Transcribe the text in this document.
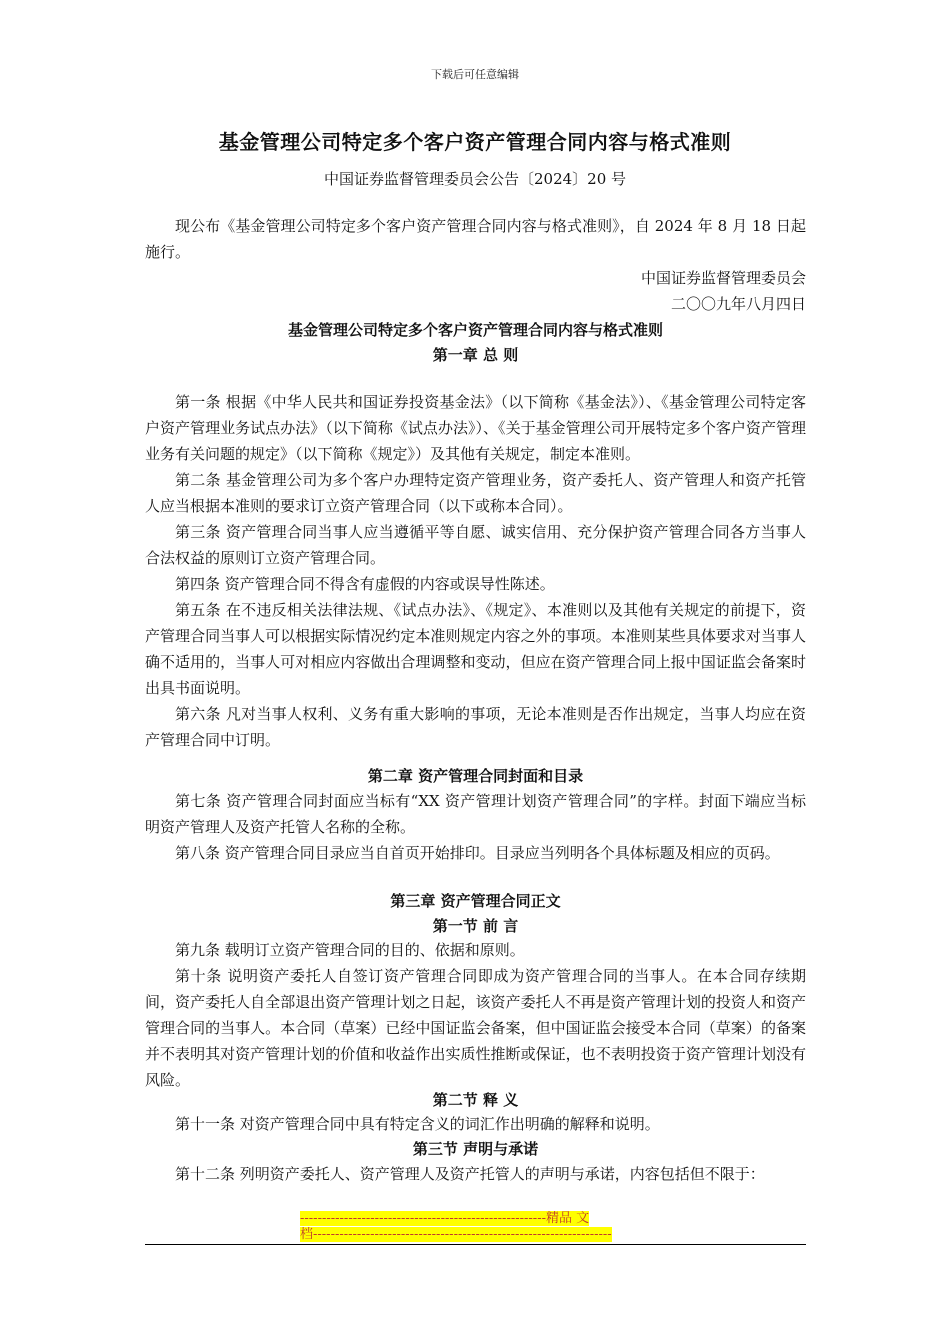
下载后可任意编辑
基金管理公司特定多个客户资产管理合同内容与格式准则
中国证券监督管理委员会公告〔2024〕20 号

现公布《基金管理公司特定多个客户资产管理合同内容与格式准则》，自 2024 年 8 月 18 日起施行。

中国证券监督管理委员会
二〇〇九年八月四日
基金管理公司特定多个客户资产管理合同内容与格式准则
第一章 总 则

第一条 根据《中华人民共和国证券投资基金法》（以下简称《基金法》）、《基金管理公司特定客户资产管理业务试点办法》（以下简称《试点办法》）、《关于基金管理公司开展特定多个客户资产管理业务有关问题的规定》（以下简称《规定》）及其他有关规定，制定本准则。

第二条 基金管理公司为多个客户办理特定资产管理业务，资产委托人、资产管理人和资产托管人应当根据本准则的要求订立资产管理合同（以下或称本合同）。

第三条 资产管理合同当事人应当遵循平等自愿、诚实信用、充分保护资产管理合同各方当事人合法权益的原则订立资产管理合同。

第四条 资产管理合同不得含有虚假的内容或误导性陈述。

第五条 在不违反相关法律法规、《试点办法》、《规定》、本准则以及其他有关规定的前提下，资产管理合同当事人可以根据实际情况约定本准则规定内容之外的事项。本准则某些具体要求对当事人确不适用的，当事人可对相应内容做出合理调整和变动，但应在资产管理合同上报中国证监会备案时出具书面说明。

第六条 凡对当事人权利、义务有重大影响的事项，无论本准则是否作出规定，当事人均应在资产管理合同中订明。

第二章 资产管理合同封面和目录

第七条 资产管理合同封面应当标有“XX 资产管理计划资产管理合同”的字样。封面下端应当标明资产管理人及资产托管人名称的全称。

第八条 资产管理合同目录应当自首页开始排印。目录应当列明各个具体标题及相应的页码。

第三章 资产管理合同正文
第一节 前 言

第九条 载明订立资产管理合同的目的、依据和原则。

第十条 说明资产委托人自签订资产管理合同即成为资产管理合同的当事人。在本合同存续期间，资产委托人自全部退出资产管理计划之日起，该资产委托人不再是资产管理计划的投资人和资产管理合同的当事人。本合同（草案）已经中国证监会备案，但中国证监会接受本合同（草案）的备案并不表明其对资产管理计划的价值和收益作出实质性推断或保证，也不表明投资于资产管理计划没有风险。

第二节 释 义

第十一条 对资产管理合同中具有特定含义的词汇作出明确的解释和说明。

第三节 声明与承诺

第十二条 列明资产委托人、资产管理人及资产托管人的声明与承诺，内容包括但不限于：

--------------------------------------------------------精品 文
档--------------------------------------------------------------------
